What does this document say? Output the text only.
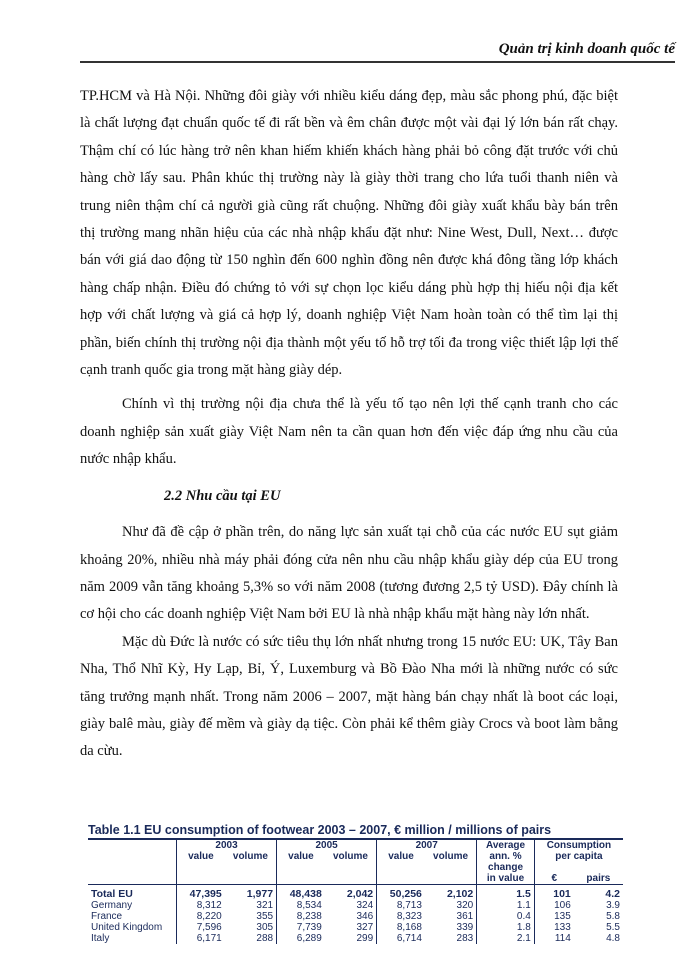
Quản trị kinh doanh quốc tế

TP.HCM và Hà Nội. Những đôi giày với nhiều kiểu dáng đẹp, màu sắc phong phú, đặc biệt là chất lượng đạt chuẩn quốc tế đi rất bền và êm chân được một vài đại lý lớn bán rất chạy. Thậm chí có lúc hàng trở nên khan hiếm khiến khách hàng phải bỏ công đặt trước với chủ hàng chờ lấy sau. Phân khúc thị trường này là giày thời trang cho lứa tuổi thanh niên và trung niên thậm chí cả người già cũng rất chuộng. Những đôi giày xuất khẩu bày bán trên thị trường mang nhãn hiệu của các nhà nhập khẩu đặt như: Nine West, Dull, Next… được bán với giá dao động từ 150 nghìn đến 600 nghìn đồng nên được khá đông tầng lớp khách hàng chấp nhận. Điều đó chứng tỏ với sự chọn lọc kiểu dáng phù hợp thị hiếu nội địa kết hợp với chất lượng và giá cả hợp lý, doanh nghiệp Việt Nam hoàn toàn có thể tìm lại thị phần, biến chính thị trường nội địa thành một yếu tố hỗ trợ tối đa trong việc thiết lập lợi thế cạnh tranh quốc gia trong mặt hàng giày dép.

Chính vì thị trường nội địa chưa thể là yếu tố tạo nên lợi thế cạnh tranh cho các doanh nghiệp sản xuất giày Việt Nam nên ta cần quan hơn đến việc đáp ứng nhu cầu của nước nhập khẩu.

2.2 Nhu cầu tại EU

Như đã đề cập ở phần trên, do năng lực sản xuất tại chỗ của các nước EU sụt giảm khoảng 20%, nhiều nhà máy phải đóng cửa nên nhu cầu nhập khẩu giày dép của EU trong năm 2009 vẫn tăng khoảng 5,3% so với năm 2008 (tương đương 2,5 tỷ USD). Đây chính là cơ hội cho các doanh nghiệp Việt Nam bởi EU là nhà nhập khẩu mặt hàng này lớn nhất.

Mặc dù Đức là nước có sức tiêu thụ lớn nhất nhưng trong 15 nước EU: UK, Tây Ban Nha, Thổ Nhĩ Kỳ, Hy Lạp, Bỉ, Ý, Luxemburg và Bồ Đào Nha mới là những nước có sức tăng trưởng mạnh nhất. Trong năm 2006 – 2007, mặt hàng bán chạy nhất là boot các loại, giày balê màu, giày đế mềm và giày dạ tiệc. Còn phải kể thêm giày Crocs và boot làm bằng da cừu.

Table 1.1 EU consumption of footwear 2003 – 2007, € million / millions of pairs
	2003		2005		2007		Average	Consumption	
	value	volume	value	volume	value	volume	ann. %	per capita	
							change		
							in value	€	pairs

Total EU	47,395	1,977	48,438	2,042	50,256	2,102	1.5	101	4.2
Germany	8,312	321	8,534	324	8,713	320	1.1	106	3.9
France	8,220	355	8,238	346	8,323	361	0.4	135	5.8
United Kingdom	7,596	305	7,739	327	8,168	339	1.8	133	5.5
Italy	6,171	288	6,289	299	6,714	283	2.1	114	4.8
